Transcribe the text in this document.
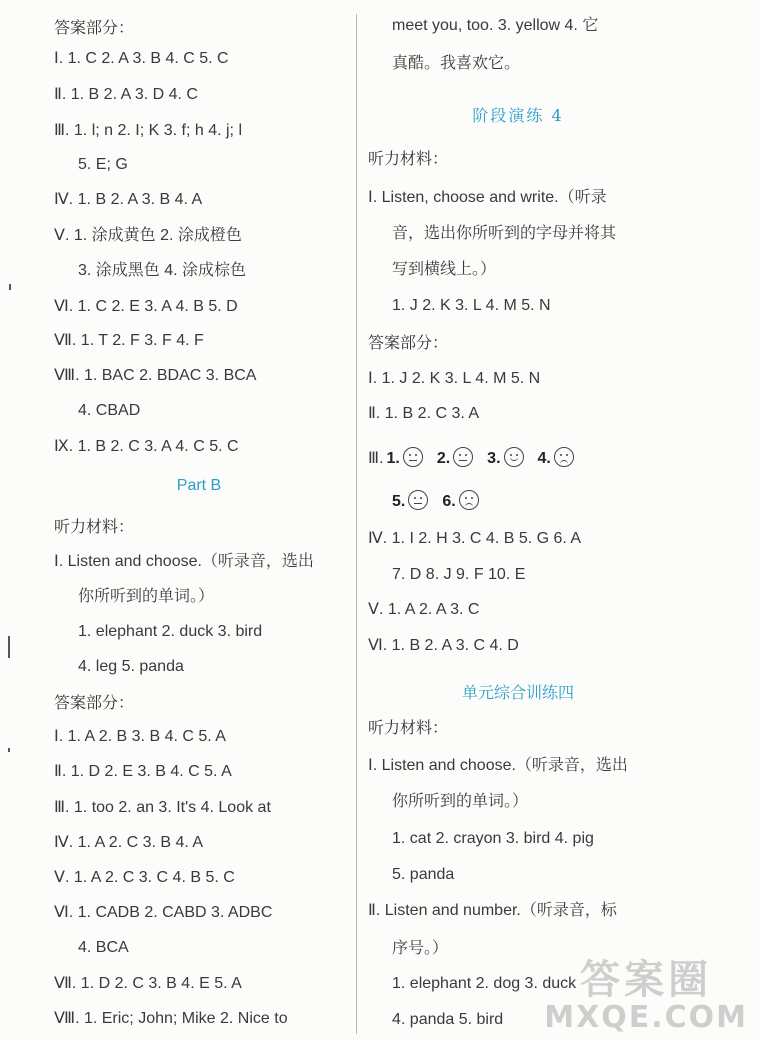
答案部分：
Ⅰ. 1. C 2. A 3. B 4. C 5. C
Ⅱ. 1. B 2. A 3. D 4. C
Ⅲ. 1. l; n 2. I; K 3. f; h 4. j; l
5. E; G
Ⅳ. 1. B 2. A 3. B 4. A
Ⅴ. 1. 涂成黄色 2. 涂成橙色
3. 涂成黑色 4. 涂成棕色
Ⅵ. 1. C 2. E 3. A 4. B 5. D
Ⅶ. 1. T 2. F 3. F 4. F
Ⅷ. 1. BAC 2. BDAC 3. BCA
4. CBAD
Ⅸ. 1. B 2. C 3. A 4. C 5. C
Part B
听力材料：
Ⅰ. Listen and choose.（听录音，选出
你所听到的单词。）
1. elephant 2. duck 3. bird
4. leg 5. panda
答案部分：
Ⅰ. 1. A 2. B 3. B 4. C 5. A
Ⅱ. 1. D 2. E 3. B 4. C 5. A
Ⅲ. 1. too 2. an 3. It's 4. Look at
Ⅳ. 1. A 2. C 3. B 4. A
Ⅴ. 1. A 2. C 3. C 4. B 5. C
Ⅵ. 1. CADB 2. CABD 3. ADBC
4. BCA
Ⅶ. 1. D 2. C 3. B 4. E 5. A
Ⅷ. 1. Eric; John; Mike 2. Nice to
meet you, too. 3. yellow 4. 它
真酷。我喜欢它。
阶段演练 4
听力材料：
Ⅰ. Listen, choose and write.（听录
音，选出你所听到的字母并将其
写到横线上。）
1. J 2. K 3. L 4. M 5. N
答案部分：
Ⅰ. 1. J 2. K 3. L 4. M 5. N
Ⅱ. 1. B 2. C 3. A
Ⅲ. 1. 2. 3. 4.
5. 6.
Ⅳ. 1. I 2. H 3. C 4. B 5. G 6. A
7. D 8. J 9. F 10. E
Ⅴ. 1. A 2. A 3. C
Ⅵ. 1. B 2. A 3. C 4. D
单元综合训练四
听力材料：
Ⅰ. Listen and choose.（听录音，选出
你所听到的单词。）
1. cat 2. crayon 3. bird 4. pig
5. panda
Ⅱ. Listen and number.（听录音，标
序号。）
1. elephant 2. dog 3. duck
4. panda 5. bird
答案圈
MXQE.COM
